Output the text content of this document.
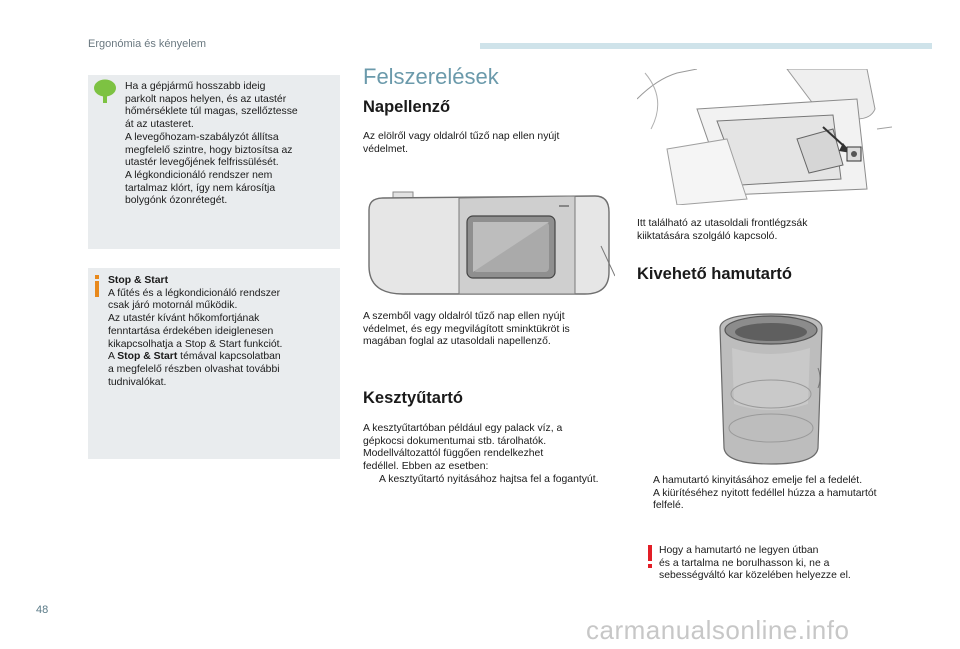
Ergonómia és kényelem

Ha a gépjármű hosszabb ideig

parkolt napos helyen, és az utastér

hőmérséklete túl magas, szellőztesse

át az utasteret.

A levegőhozam-szabályzót állítsa

megfelelő szintre, hogy biztosítsa az

utastér levegőjének felfrissülését.

A légkondicionáló rendszer nem

tartalmaz klórt, így nem károsítja

bolygónk ózonrétegét.

Stop & Start

A fűtés és a légkondicionáló rendszer

csak járó motornál működik.

Az utastér kívánt hőkomfortjának

fenntartása érdekében ideiglenesen

kikapcsolhatja a Stop & Start funkciót.

A Stop & Start témával kapcsolatban

a megfelelő részben olvashat további

tudnivalókat.

Felszerelések
Napellenző
Az elölről vagy oldalról tűző nap ellen nyújt
védelmet.
A szemből vagy oldalról tűző nap ellen nyújt
védelmet, és egy megvilágított sminktükröt is
magában foglal az utasoldali napellenző.
Kesztyűtartó
A kesztyűtartóban például egy palack víz, a
gépkocsi dokumentumai stb. tárolhatók.
Modellváltozattól függően rendelkezhet
fedéllel. Ebben az esetben:
A kesztyűtartó nyitásához hajtsa fel a fogantyút.
Itt található az utasoldali frontlégzsák
kiiktatására szolgáló kapcsoló.
Kivehető hamutartó
A hamutartó kinyitásához emelje fel a fedelét.
A kiürítéséhez nyitott fedéllel húzza a hamutartót felfelé.
Hogy a hamutartó ne legyen útban
és a tartalma ne borulhasson ki, ne a
sebességváltó kar közelében helyezze el.
48
carmanualsonline.info
